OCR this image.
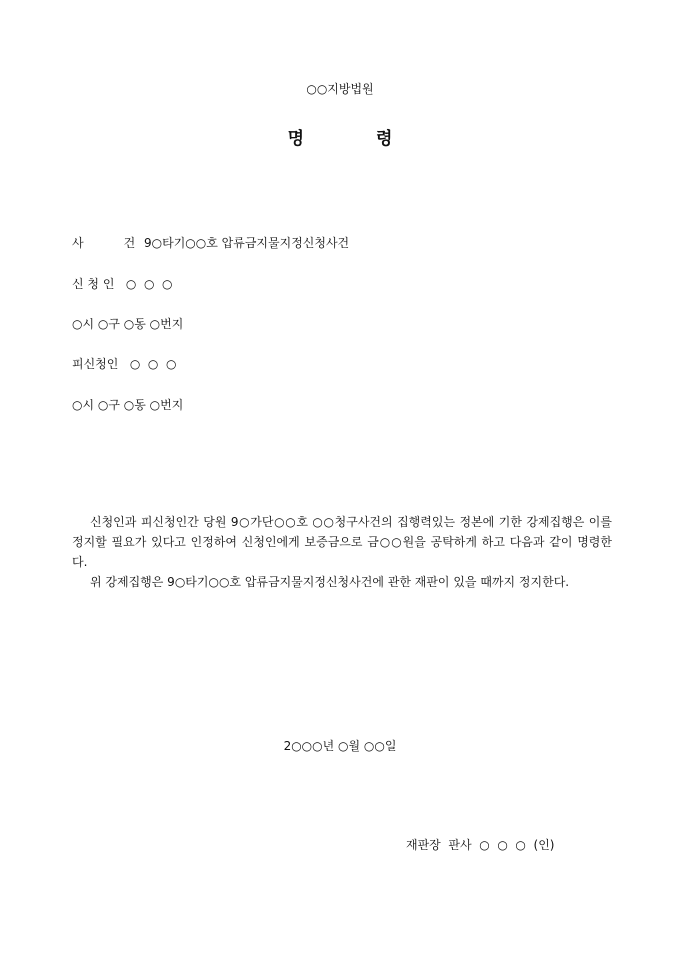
○○지방법원
명	령
사	건 9○타기○○호 압류금지물지정신청사건
신 청 인 ○  ○  ○
○시 ○구 ○동 ○번지
피신청인 ○  ○  ○
○시 ○구 ○동 ○번지

신청인과 피신청인간 당원 9○가단○○호 ○○청구사건의 집행력있는 정본에 기한 강제집행은 이를 정지할 필요가 있다고 인정하여 신청인에게 보증금으로 금○○원을 공탁하게 하고 다음과 같이 명령한다.

위 강제집행은 9○타기○○호 압류금지물지정신청사건에 관한 재판이 있을 때까지 정지한다.

2○○○년 ○월 ○○일
재판장  판사  ○  ○  ○  (인)
